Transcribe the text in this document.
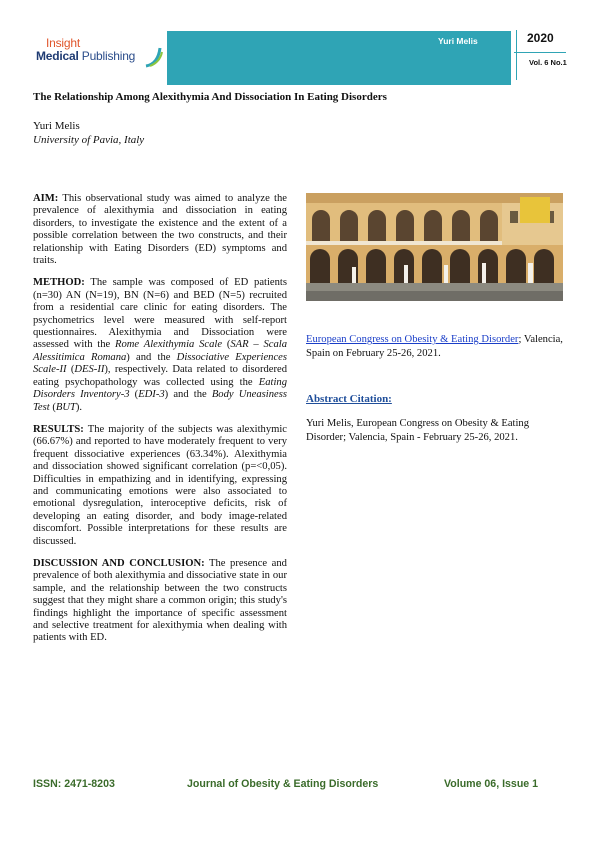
Insight
Medical Publishing
Yuri Melis	2020
Vol. 6 No.1
The Relationship Among Alexithymia And Dissociation In Eating Disorders
Yuri Melis
University of Pavia, Italy

AIM: This observational study was aimed to analyze the prevalence of alexithymia and dissociation in eating disorders, to investigate the existence and the extent of a possible correlation between the two constructs, and their relationship with Eating Disorders (ED) symptoms and traits.

METHOD: The sample was composed of ED patients (n=30) AN (N=19), BN (N=6) and BED (N=5) recruited from a residential care clinic for eating disorders. The psychometrics level were measured with self-report questionnaires. Alexithymia and Dissociation were assessed with the Rome Alexithymia Scale (SAR – Scala Alessitimica Romana) and the Dissociative Experiences Scale-II (DES-II), respectively. Data related to disordered eating psychopathology was collected using the Eating Disorders Inventory-3 (EDI-3) and the Body Uneasiness Test (BUT).

RESULTS: The majority of the subjects was alexithymic (66.67%) and reported to have moderately frequent to very frequent dissociative experiences (63.34%). Alexithymia and dissociation showed significant correlation (p=<0,05). Difficulties in empathizing and in identifying, expressing and communicating emotions were also associated to emotional dysregulation, interoceptive deficits, risk of developing an eating disorder, and body image-related discomfort. Possible interpretations for these results are discussed.

DISCUSSION AND CONCLUSION: The presence and prevalence of both alexithymia and dissociative state in our sample, and the relationship between the two constructs suggest that they might share a common origin; this study's findings highlight the importance of specific assessment and selective treatment for alexithymia when dealing with patients with ED.

European Congress on Obesity & Eating Disorder; Valencia, Spain on February 25-26, 2021.
Abstract Citation:
Yuri Melis, European Congress on Obesity & Eating Disorder; Valencia, Spain - February 25-26, 2021.
ISSN: 2471-8203	Journal of Obesity & Eating Disorders	Volume 06, Issue 1
